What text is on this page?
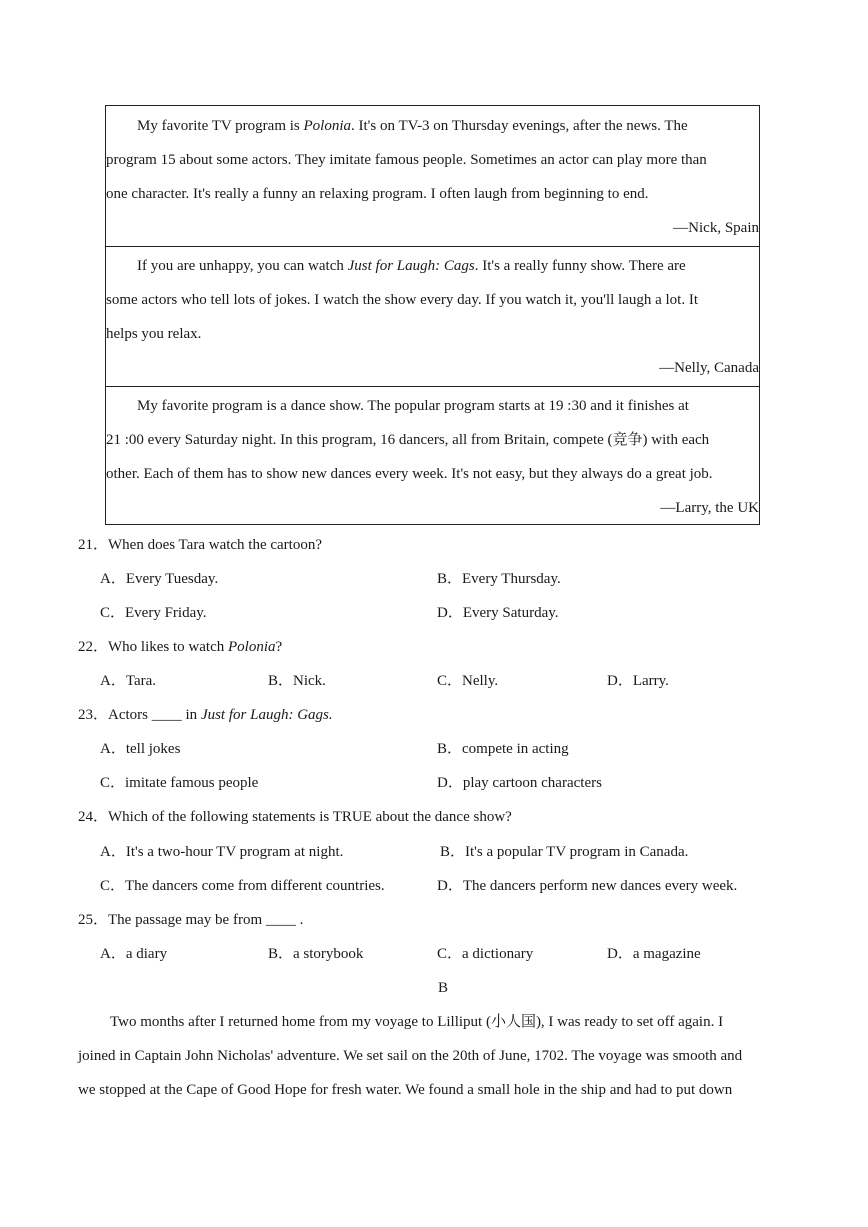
My favorite TV program is Polonia. It's on TV-3 on Thursday evenings, after the news. The
program 15 about some actors. They imitate famous people. Sometimes an actor can play more than
one character. It's really a funny an relaxing program. I often laugh from beginning to end.
—Nick, Spain
If you are unhappy, you can watch Just for Laugh: Cags. It's a really funny show. There are
some actors who tell lots of jokes. I watch the show every day. If you watch it, you'll laugh a lot. It
helps you relax.
—Nelly, Canada
My favorite program is a dance show. The popular program starts at 19 :30 and it finishes at
21 :00 every Saturday night. In this program, 16 dancers, all from Britain, compete (竞争) with each
other. Each of them has to show new dances every week. It's not easy, but they always do a great job.
—Larry, the UK
21．When does Tara watch the cartoon?
A．Every Tuesday.	B．Every Thursday.
C．Every Friday.	D．Every Saturday.
22．Who likes to watch Polonia?
A．Tara.	B．Nick.	C．Nelly.	D．Larry.
23．Actors ____ in Just for Laugh: Gags.
A．tell jokes	B．compete in acting
C．imitate famous people	D．play cartoon characters
24．Which of the following statements is TRUE about the dance show?
A．It's a two-hour TV program at night.	B．It's a popular TV program in Canada.
C．The dancers come from different countries.	D．The dancers perform new dances every week.
25．The passage may be from ____ .
A．a diary	B．a storybook	C．a dictionary	D．a magazine
B
Two months after I returned home from my voyage to Lilliput (小人国), I was ready to set off again. I
joined in Captain John Nicholas' adventure. We set sail on the 20th of June, 1702. The voyage was smooth and
we stopped at the Cape of Good Hope for fresh water. We found a small hole in the ship and had to put down
